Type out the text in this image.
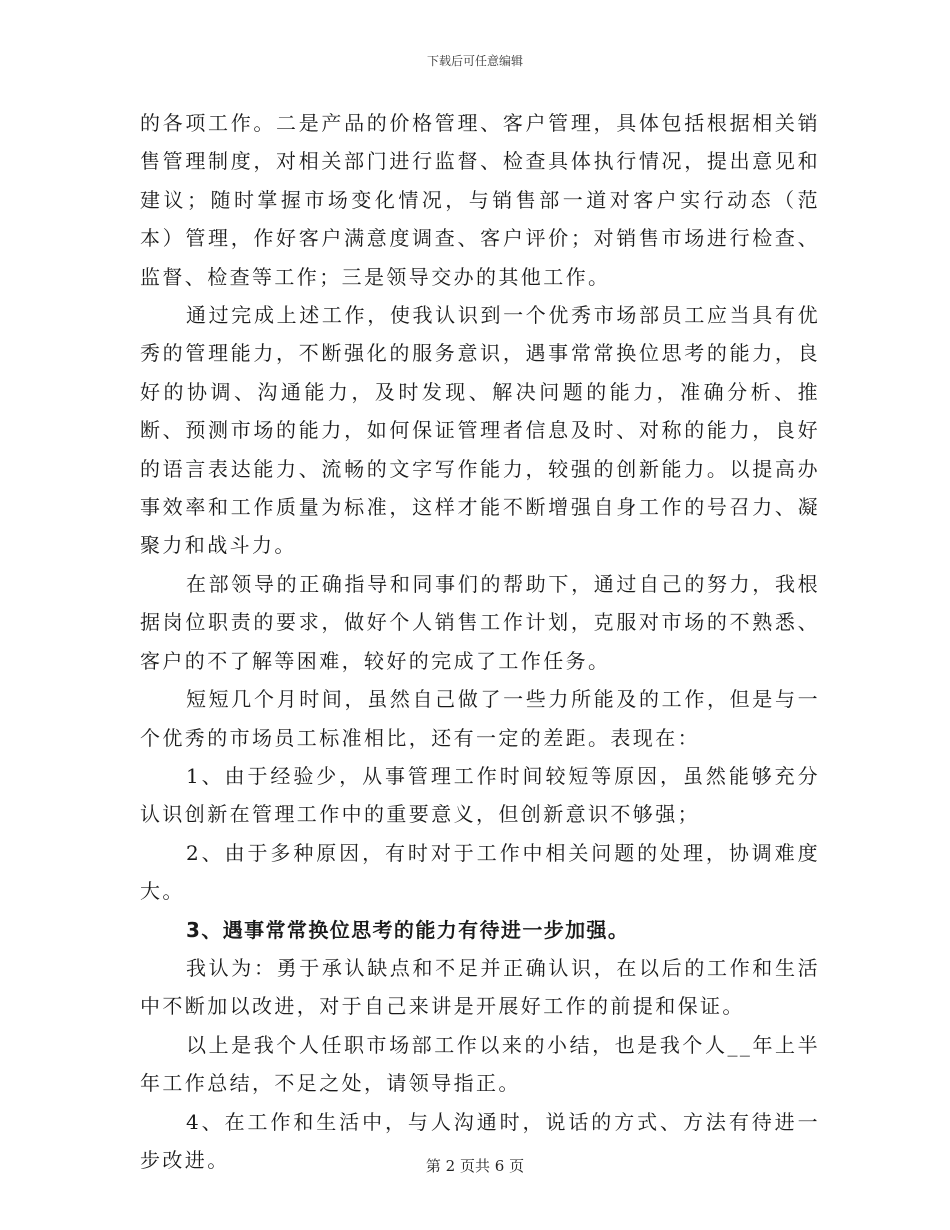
下载后可任意编辑

的各项工作。二是产品的价格管理、客户管理，具体包括根据相关销售管理制度，对相关部门进行监督、检查具体执行情况，提出意见和建议；随时掌握市场变化情况，与销售部一道对客户实行动态（范本）管理，作好客户满意度调查、客户评价；对销售市场进行检查、监督、检查等工作；三是领导交办的其他工作。

通过完成上述工作，使我认识到一个优秀市场部员工应当具有优秀的管理能力，不断强化的服务意识，遇事常常换位思考的能力，良好的协调、沟通能力，及时发现、解决问题的能力，准确分析、推断、预测市场的能力，如何保证管理者信息及时、对称的能力，良好的语言表达能力、流畅的文字写作能力，较强的创新能力。以提高办事效率和工作质量为标准，这样才能不断增强自身工作的号召力、凝聚力和战斗力。

在部领导的正确指导和同事们的帮助下，通过自己的努力，我根据岗位职责的要求，做好个人销售工作计划，克服对市场的不熟悉、客户的不了解等困难，较好的完成了工作任务。

短短几个月时间，虽然自己做了一些力所能及的工作，但是与一个优秀的市场员工标准相比，还有一定的差距。表现在：

1、由于经验少，从事管理工作时间较短等原因，虽然能够充分认识创新在管理工作中的重要意义，但创新意识不够强；

2、由于多种原因，有时对于工作中相关问题的处理，协调难度大。

3、遇事常常换位思考的能力有待进一步加强。

我认为：勇于承认缺点和不足并正确认识，在以后的工作和生活中不断加以改进，对于自己来讲是开展好工作的前提和保证。

以上是我个人任职市场部工作以来的小结，也是我个人__年上半年工作总结，不足之处，请领导指正。

4、在工作和生活中，与人沟通时，说话的方式、方法有待进一步改进。	第 2 页共 6 页
